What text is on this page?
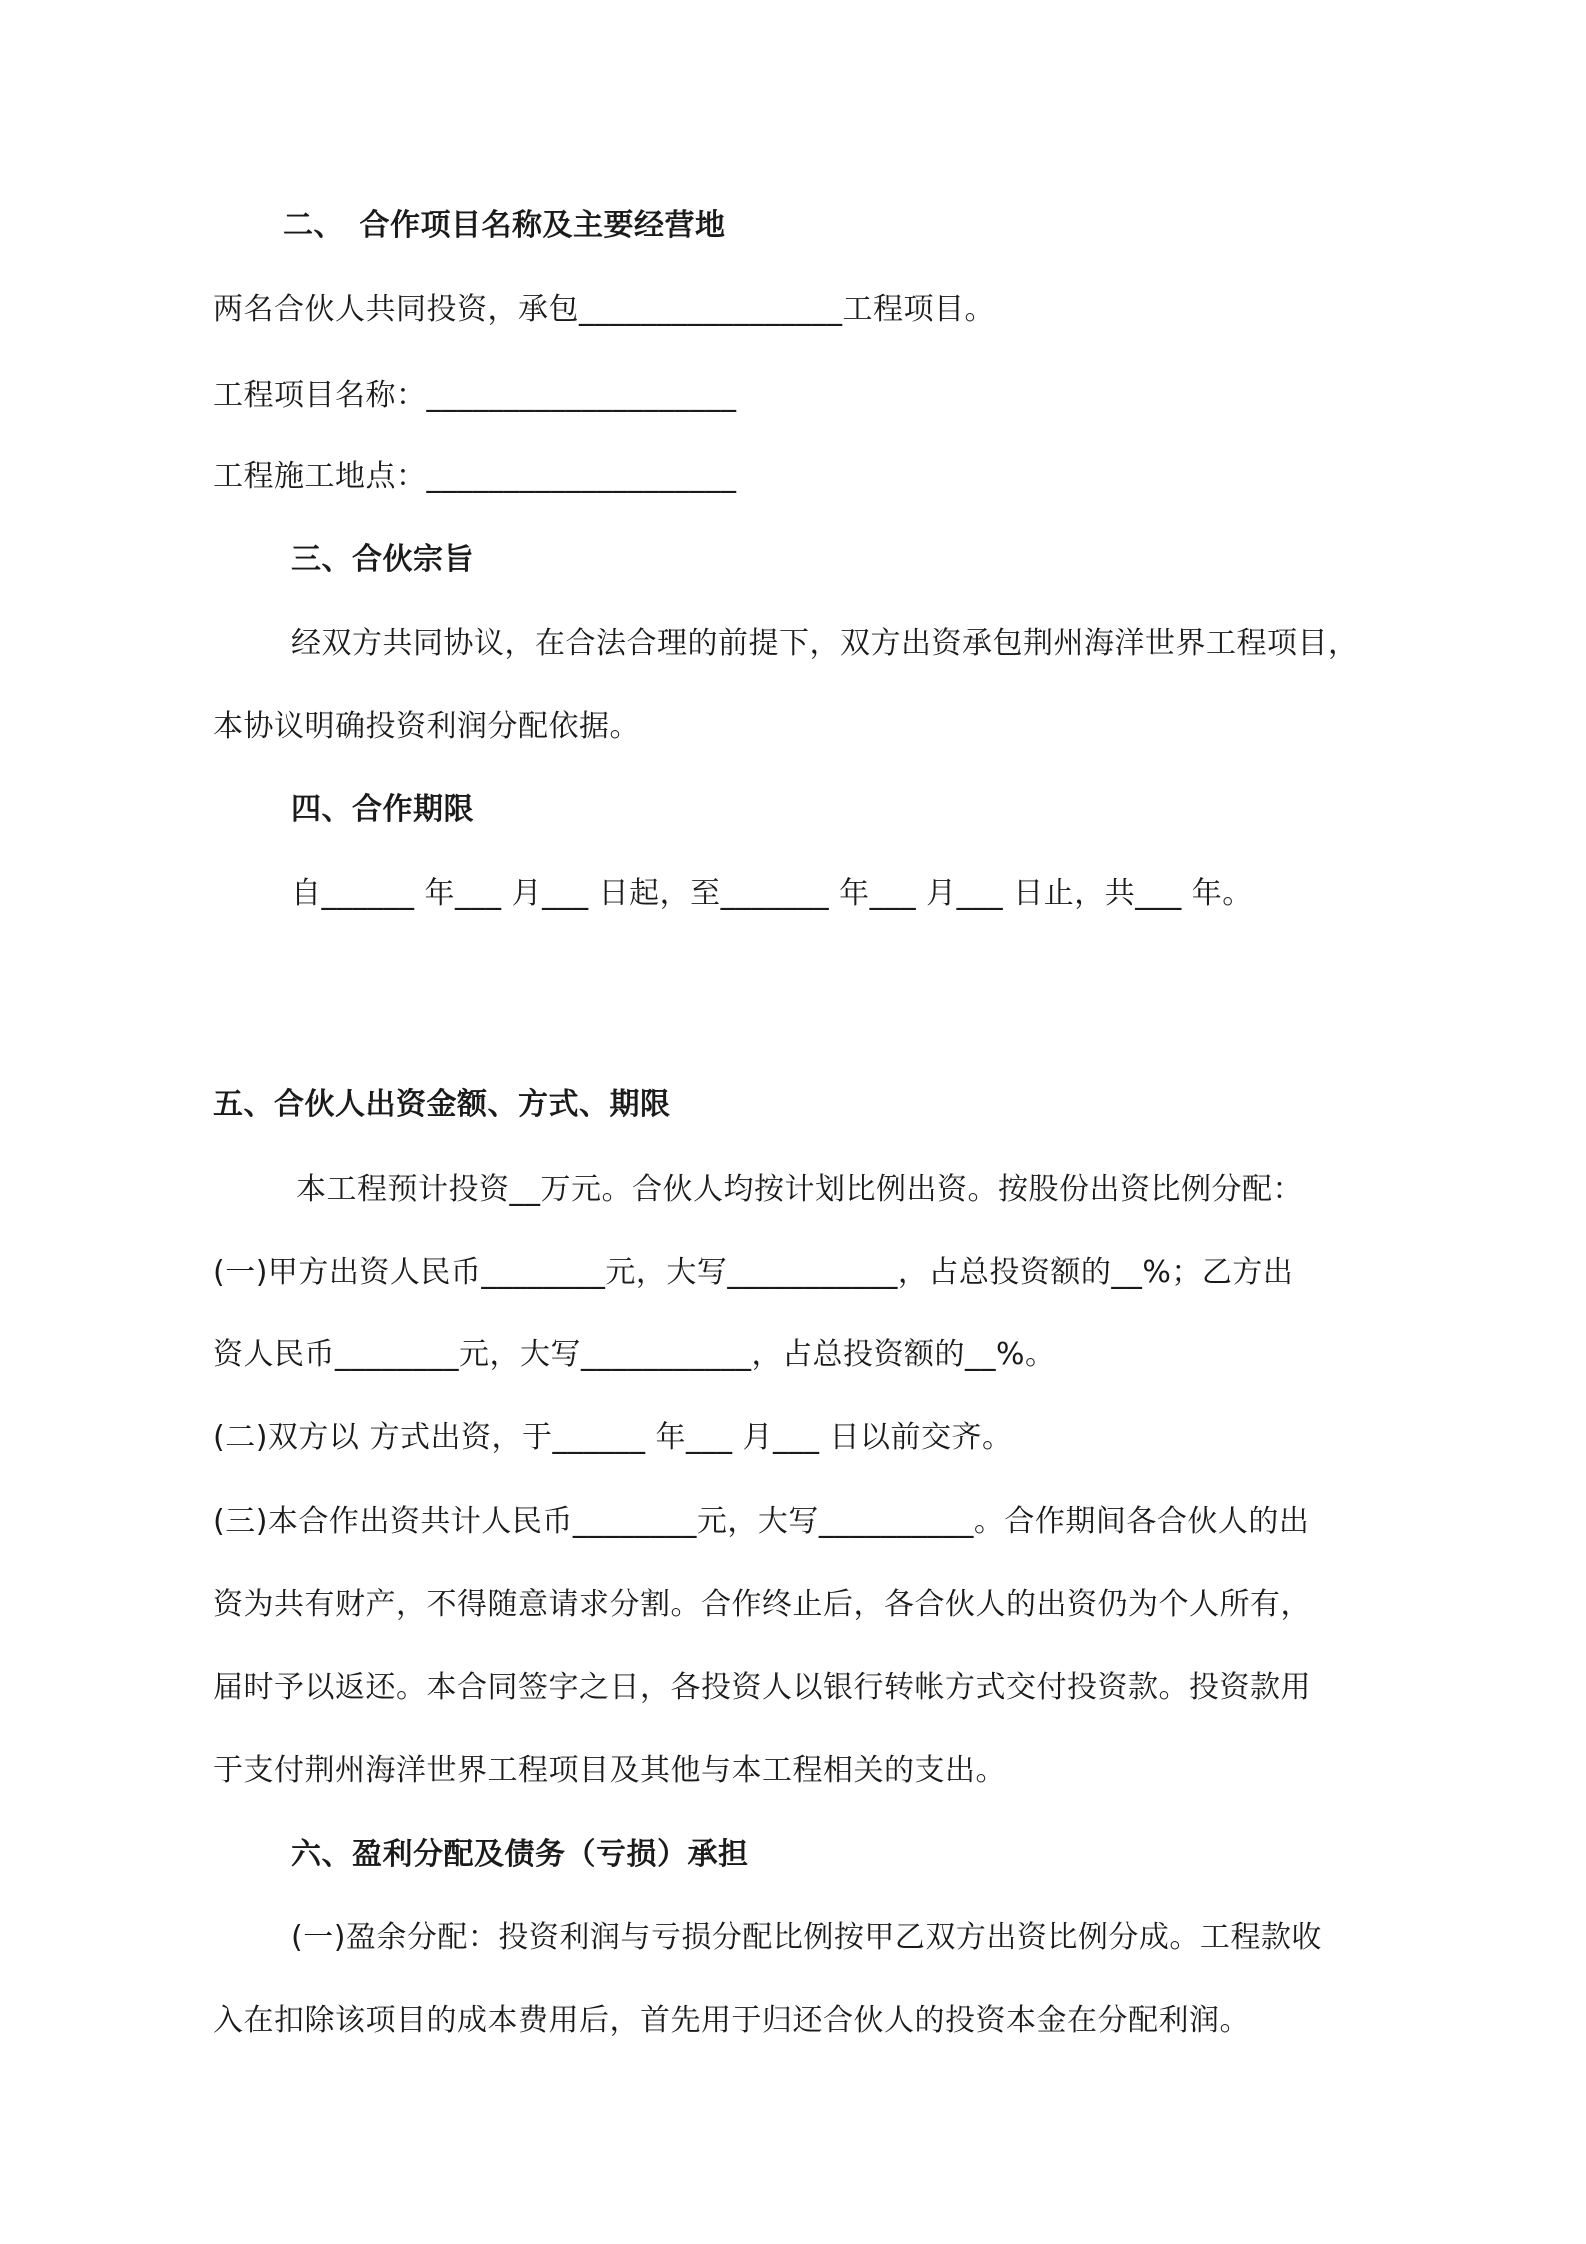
二、　合作项目名称及主要经营地
两名合伙人共同投资，承包_________________工程项目。
工程项目名称：____________________
工程施工地点：____________________
三、合伙宗旨
经双方共同协议，在合法合理的前提下，双方出资承包荆州海洋世界工程项目，
本协议明确投资利润分配依据。
四、合作期限
自______ 年___ 月___ 日起，至_______ 年___ 月___ 日止，共___ 年。
五、合伙人出资金额、方式、期限
本工程预计投资__万元。合伙人均按计划比例出资。按股份出资比例分配：
(一)甲方出资人民币________元，大写___________，占总投资额的__%；乙方出
资人民币________元，大写___________，占总投资额的__%。
(二)双方以 方式出资，于______ 年___ 月___ 日以前交齐。
(三)本合作出资共计人民币________元，大写__________。合作期间各合伙人的出
资为共有财产，不得随意请求分割。合作终止后，各合伙人的出资仍为个人所有，
届时予以返还。本合同签字之日，各投资人以银行转帐方式交付投资款。投资款用
于支付荆州海洋世界工程项目及其他与本工程相关的支出。
六、盈利分配及债务（亏损）承担
(一)盈余分配：投资利润与亏损分配比例按甲乙双方出资比例分成。工程款收
入在扣除该项目的成本费用后，首先用于归还合伙人的投资本金在分配利润。
